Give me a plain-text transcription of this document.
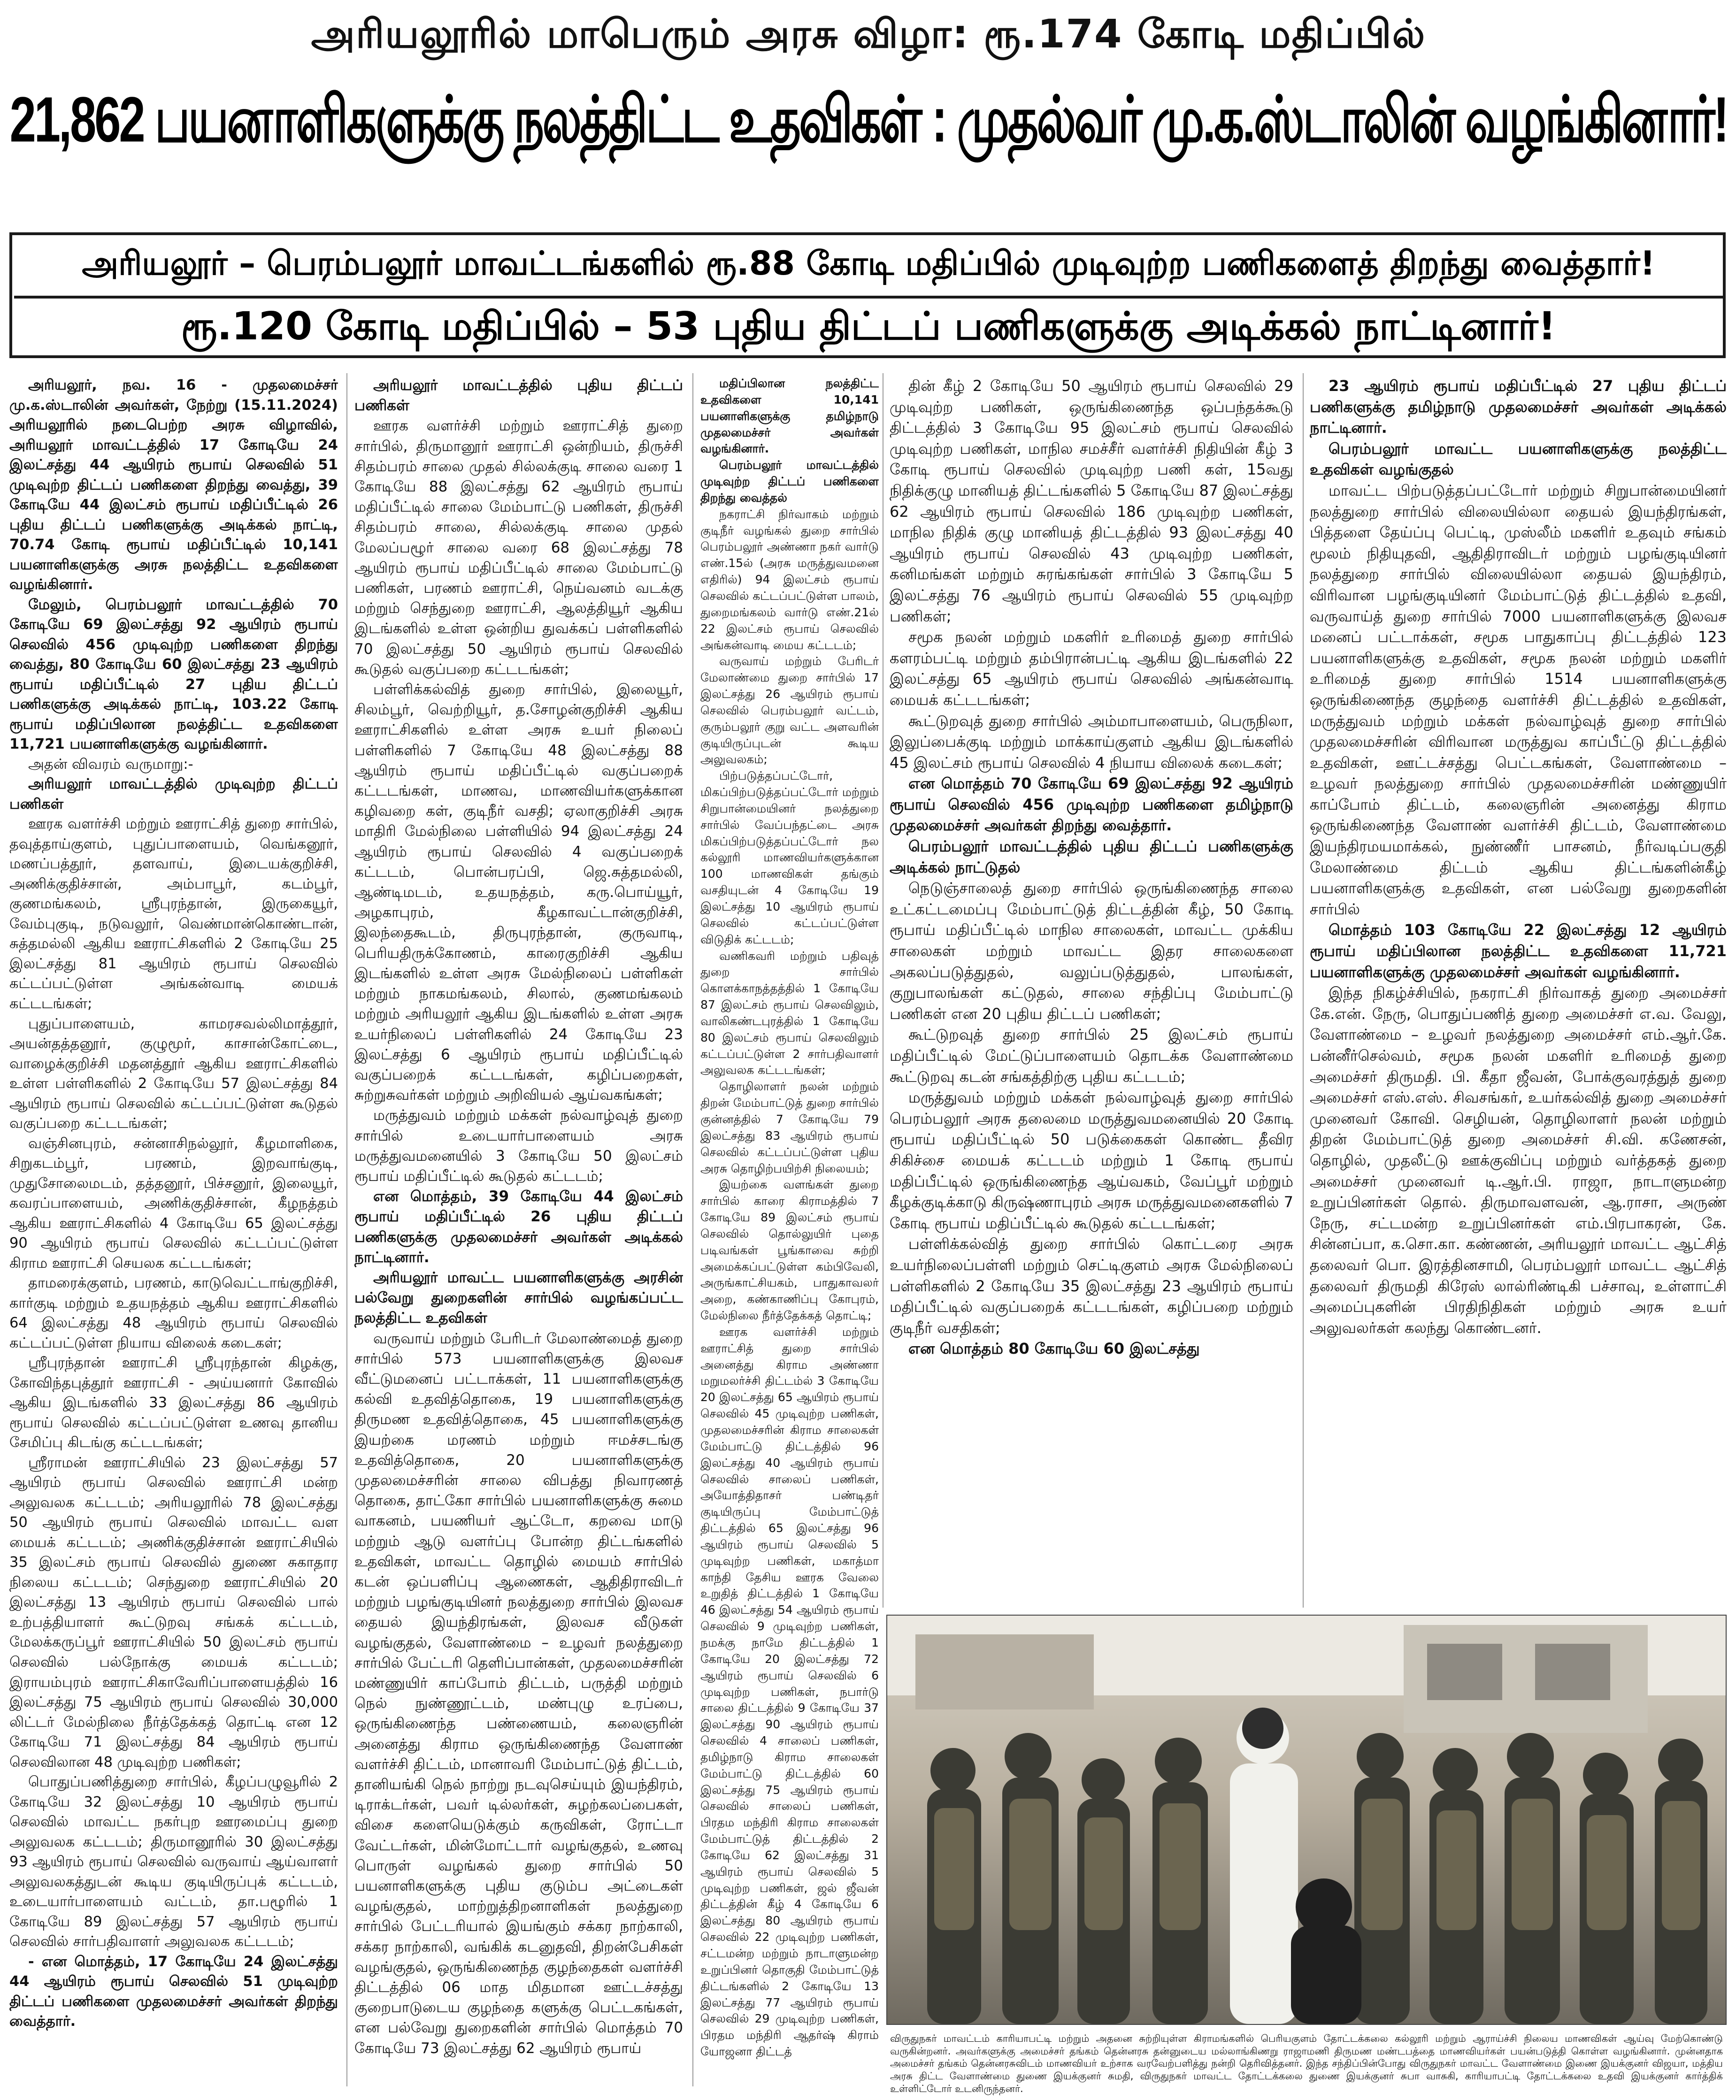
அரியலூரில் மாபெரும் அரசு விழா: ரூ.174 கோடி மதிப்பில்
21,862 பயனாளிகளுக்கு நலத்திட்ட உதவிகள் : முதல்வர் மு.க.ஸ்டாலின் வழங்கினார்!
அரியலூர் – பெரம்பலூர் மாவட்டங்களில் ரூ.88 கோடி மதிப்பில் முடிவுற்ற பணிகளைத் திறந்து வைத்தார்!
ரூ.120 கோடி மதிப்பில் – 53 புதிய திட்டப் பணிகளுக்கு அடிக்கல் நாட்டினார்!

அரியலூர், நவ. 16 - முதலமைச்சர் மு.க.ஸ்டாலின் அவர்கள், நேற்று (15.11.2024) அரியலூரில் நடைபெற்ற அரசு விழாவில், அரியலூர் மாவட்டத்தில் 17 கோடியே 24 இலட்சத்து 44 ஆயிரம் ரூபாய் செலவில் 51 முடிவுற்ற திட்டப் பணிகளை திறந்து வைத்து, 39 கோடியே 44 இலட்சம் ரூபாய் மதிப்பீட்டில் 26 புதிய திட்டப் பணிகளுக்கு அடிக்கல் நாட்டி, 70.74 கோடி ரூபாய் மதிப்பீட்டில் 10,141 பயனாளிகளுக்கு அரசு நலத்திட்ட உதவிகளை வழங்கினார்.

மேலும், பெரம்பலூர் மாவட்டத்தில் 70 கோடியே 69 இலட்சத்து 92 ஆயிரம் ரூபாய் செலவில் 456 முடிவுற்ற பணிகளை திறந்து வைத்து, 80 கோடியே 60 இலட்சத்து 23 ஆயிரம் ரூபாய் மதிப்பீட்டில் 27 புதிய திட்டப் பணிகளுக்கு அடிக்கல் நாட்டி, 103.22 கோடி ரூபாய் மதிப்பிலான நலத்திட்ட உதவிகளை 11,721 பயனாளிகளுக்கு வழங்கினார்.

அதன் விவரம் வருமாறு:-

அரியலூர் மாவட்டத்தில் முடிவுற்ற திட்டப் பணிகள்

ஊரக வளர்ச்சி மற்றும் ஊராட்சித் துறை சார்பில், தவுத்தாய்குளம், புதுப்பாளையம், வெங்கனூர், மணப்பத்தூர், தளவாய், இடையக்குறிச்சி, அணிக்குதிச்சான், அம்பாபூர், கடம்பூர், குணமங்கலம், ஸ்ரீபுரந்தான், இருகையூர், வேம்புகுடி, நடுவலூர், வெண்மான்கொண்டான், சுத்தமல்லி ஆகிய ஊராட்சிகளில் 2 கோடியே 25 இலட்சத்து 81 ஆயிரம் ரூபாய் செலவில் கட்டப்பட்டுள்ள அங்கன்வாடி மையக் கட்டடங்கள்;

புதுப்பாளையம், காமரசவல்லிமாத்தூர், அயன்தத்தனூர், குழுமூர், காசான்கோட்டை, வாழைக்குறிச்சி மதனத்தூர் ஆகிய ஊராட்சிகளில் உள்ள பள்ளிகளில் 2 கோடியே 57 இலட்சத்து 84 ஆயிரம் ரூபாய் செலவில் கட்டப்பட்டுள்ள கூடுதல் வகுப்பறை கட்டடங்கள்;

வஞ்சினபுரம், சன்னாசிநல்லூர், கீழமாளிகை, சிறுகடம்பூர், பரணம், இறவாங்குடி, முதுசோலைமடம், தத்தனூர், பிச்சனூர், இலையூர், கவரப்பாளையம், அணிக்குதிச்சான், கீழநத்தம் ஆகிய ஊராட்சிகளில் 4 கோடியே 65 இலட்சத்து 90 ஆயிரம் ரூபாய் செலவில் கட்டப்பட்டுள்ள கிராம ஊராட்சி செயலக கட்டடங்கள்;

தாமரைக்குளம், பரணம், காடுவெட்டாங்குறிச்சி, கார்குடி மற்றும் உதயநத்தம் ஆகிய ஊராட்சிகளில் 64 இலட்சத்து 48 ஆயிரம் ரூபாய் செலவில் கட்டப்பட்டுள்ள நியாய விலைக் கடைகள்;

ஸ்ரீபுரந்தான் ஊராட்சி ஸ்ரீபுரந்தான் கிழக்கு, கோவிந்தபுத்தூர் ஊராட்சி - அய்யனார் கோவில் ஆகிய இடங்களில் 33 இலட்சத்து 86 ஆயிரம் ரூபாய் செலவில் கட்டப்பட்டுள்ள உணவு தானிய சேமிப்பு கிடங்கு கட்டடங்கள்;

ஸ்ரீராமன் ஊராட்சியில் 23 இலட்சத்து 57 ஆயிரம் ரூபாய் செலவில் ஊராட்சி மன்ற அலுவலக கட்டடம்; அரியலூரில் 78 இலட்சத்து 50 ஆயிரம் ரூபாய் செலவில் மாவட்ட வள மையக் கட்டடம்; அணிக்குதிச்சான் ஊராட்சியில் 35 இலட்சம் ரூபாய் செலவில் துணை சுகாதார நிலைய கட்டடம்; செந்துறை ஊராட்சியில் 20 இலட்சத்து 13 ஆயிரம் ரூபாய் செலவில் பால் உற்பத்தியாளர் கூட்டுறவு சங்கக் கட்டடம், மேலக்கருப்பூர் ஊராட்சியில் 50 இலட்சம் ரூபாய் செலவில் பல்நோக்கு மையக் கட்டடம்; இராயம்புரம் ஊராட்சிகாவேரிப்பாளையத்தில் 16 இலட்சத்து 75 ஆயிரம் ரூபாய் செலவில் 30,000 லிட்டர் மேல்நிலை நீர்த்தேக்கத் தொட்டி என 12 கோடியே 71 இலட்சத்து 84 ஆயிரம் ரூபாய் செலவிலான 48 முடிவுற்ற பணிகள்;

பொதுப்பணித்துறை சார்பில், கீழப்பழுவூரில் 2 கோடியே 32 இலட்சத்து 10 ஆயிரம் ரூபாய் செலவில் மாவட்ட நகர்புற ஊரமைப்பு துறை அலுவலக கட்டடம்; திருமானூரில் 30 இலட்சத்து 93 ஆயிரம் ரூபாய் செலவில் வருவாய் ஆய்வாளர் அலுவலகத்துடன் கூடிய குடியிருப்புக் கட்டடம், உடையார்பாளையம் வட்டம், தா.பழூரில் 1 கோடியே 89 இலட்சத்து 57 ஆயிரம் ரூபாய் செலவில் சார்பதிவாளர் அலுவலக கட்டடம்;

- என மொத்தம், 17 கோடியே 24 இலட்சத்து 44 ஆயிரம் ரூபாய் செலவில் 51 முடிவுற்ற திட்டப் பணிகளை முதலமைச்சர் அவர்கள் திறந்து வைத்தார்.

அரியலூர் மாவட்டத்தில் புதிய திட்டப் பணிகள்

ஊரக வளர்ச்சி மற்றும் ஊராட்சித் துறை சார்பில், திருமானூர் ஊராட்சி ஒன்றியம், திருச்சி சிதம்பரம் சாலை முதல் சில்லக்குடி சாலை வரை 1 கோடியே 88 இலட்சத்து 62 ஆயிரம் ரூபாய் மதிப்பீட்டில் சாலை மேம்பாட்டு பணிகள், திருச்சி சிதம்பரம் சாலை, சில்லக்குடி சாலை முதல் மேலப்பழூர் சாலை வரை 68 இலட்சத்து 78 ஆயிரம் ரூபாய் மதிப்பீட்டில் சாலை மேம்பாட்டு பணிகள், பரணம் ஊராட்சி, நெய்வனம் வடக்கு மற்றும் செந்துறை ஊராட்சி, ஆலத்தியூர் ஆகிய இடங்களில் உள்ள ஒன்றிய துவக்கப் பள்ளிகளில் 70 இலட்சத்து 50 ஆயிரம் ரூபாய் செலவில் கூடுதல் வகுப்பறை கட்டடங்கள்;

பள்ளிக்கல்வித் துறை சார்பில், இலையூர், சிலம்பூர், வெற்றியூர், த.சோழன்குறிச்சி ஆகிய ஊராட்சிகளில் உள்ள அரசு உயர் நிலைப் பள்ளிகளில் 7 கோடியே 48 இலட்சத்து 88 ஆயிரம் ரூபாய் மதிப்பீட்டில் வகுப்பறைக் கட்டடங்கள், மாணவ, மாணவியர்களுக்கான கழிவறை கள், குடிநீர் வசதி; ஏலாகுறிச்சி அரசு மாதிரி மேல்நிலை பள்ளியில் 94 இலட்சத்து 24 ஆயிரம் ரூபாய் செலவில் 4 வகுப்பறைக் கட்டடம், பொன்பரப்பி, ஜெ.சுத்தமல்லி, ஆண்டிமடம், உதயநத்தம், கரு.பொய்யூர், அழகாபுரம், கீழகாவட்டான்குறிச்சி, இலந்தைகூடம், திருபுரந்தான், குருவாடி, பெரியதிருக்கோணம், காரைகுறிச்சி ஆகிய இடங்களில் உள்ள அரசு மேல்நிலைப் பள்ளிகள் மற்றும் நாகமங்கலம், சிலால், குணமங்கலம் மற்றும் அரியலூர் ஆகிய இடங்களில் உள்ள அரசு உயர்நிலைப் பள்ளிகளில் 24 கோடியே 23 இலட்சத்து 6 ஆயிரம் ரூபாய் மதிப்பீட்டில் வகுப்பறைக் கட்டடங்கள், கழிப்பறைகள், சுற்றுசுவர்கள் மற்றும் அறிவியல் ஆய்வகங்கள்;

மருத்துவம் மற்றும் மக்கள் நல்வாழ்வுத் துறை சார்பில் உடையார்பாளையம் அரசு மருத்துவமனையில் 3 கோடியே 50 இலட்சம் ரூபாய் மதிப்பீட்டில் கூடுதல் கட்டடம்;

என மொத்தம், 39 கோடியே 44 இலட்சம் ரூபாய் மதிப்பீட்டில் 26 புதிய திட்டப் பணிகளுக்கு முதலமைச்சர் அவர்கள் அடிக்கல் நாட்டினார்.

அரியலூர் மாவட்ட பயனாளிகளுக்கு அரசின் பல்வேறு துறைகளின் சார்பில் வழங்கப்பட்ட நலத்திட்ட உதவிகள்

வருவாய் மற்றும் பேரிடர் மேலாண்மைத் துறை சார்பில் 573 பயனாளிகளுக்கு இலவச வீட்டுமனைப் பட்டாக்கள், 11 பயனாளிகளுக்கு கல்வி உதவித்தொகை, 19 பயனாளிகளுக்கு திருமண உதவித்தொகை, 45 பயனாளிகளுக்கு இயற்கை மரணம் மற்றும் ஈமச்சடங்கு உதவித்தொகை, 20 பயனாளிகளுக்கு முதலமைச்சரின் சாலை விபத்து நிவாரணத் தொகை, தாட்கோ சார்பில் பயனாளிகளுக்கு சுமை வாகனம், பயணியர் ஆட்டோ, கறவை மாடு மற்றும் ஆடு வளர்ப்பு போன்ற திட்டங்களில் உதவிகள், மாவட்ட தொழில் மையம் சார்பில் கடன் ஒப்பளிப்பு ஆணைகள், ஆதிதிராவிடர் மற்றும் பழங்குடியினர் நலத்துறை சார்பில் இலவச தையல் இயந்திரங்கள், இலவச வீடுகள் வழங்குதல், வேளாண்மை – உழவர் நலத்துறை சார்பில் பேட்டரி தெளிப்பான்கள், முதலமைச்சரின் மண்ணுயிர் காப்போம் திட்டம், பருத்தி மற்றும் நெல் நுண்ணூட்டம், மண்புழு உரப்பை, ஒருங்கிணைந்த பண்ணையம், கலைஞரின் அனைத்து கிராம ஒருங்கிணைந்த வேளாண் வளர்ச்சி திட்டம், மானாவரி மேம்பாட்டுத் திட்டம், தானியங்கி நெல் நாற்று நடவுசெய்யும் இயந்திரம், டிராக்டர்கள், பவர் டில்லர்கள், சுழற்கலப்பைகள், விசை களையெடுக்கும் கருவிகள், ரோட்டா வேட்டர்கள், மின்மோட்டார் வழங்குதல், உணவு பொருள் வழங்கல் துறை சார்பில் 50 பயனாளிகளுக்கு புதிய குடும்ப அட்டைகள் வழங்குதல், மாற்றுத்திறனாளிகள் நலத்துறை சார்பில் பேட்டரியால் இயங்கும் சக்கர நாற்காலி, சக்கர நாற்காலி, வங்கிக் கடனுதவி, திறன்பேசிகள் வழங்குதல், ஒருங்கிணைந்த குழந்தைகள் வளர்ச்சி திட்டத்தில் 06 மாத மிதமான ஊட்டச்சத்து குறைபாடுடைய குழந்தை களுக்கு பெட்டகங்கள், என பல்வேறு துறைகளின் சார்பில் மொத்தம் 70 கோடியே 73 இலட்சத்து 62 ஆயிரம் ரூபாய்

மதிப்பிலான நலத்திட்ட உதவிகளை 10,141 பயனாளிகளுக்கு தமிழ்நாடு முதலமைச்சர் அவர்கள் வழங்கினார்.

பெரம்பலூர் மாவட்டத்தில் முடிவுற்ற திட்டப் பணிகளை திறந்து வைத்தல்

நகராட்சி நிர்வாகம் மற்றும் குடிநீர் வழங்கல் துறை சார்பில் பெரம்பலூர் அண்ணா நகர் வார்டு எண்.15ல் (அரசு மருத்துவமனை எதிரில்) 94 இலட்சம் ரூபாய் செலவில் கட்டப்பட்டுள்ள பாலம், துறைமங்கலம் வார்டு எண்.21ல் 22 இலட்சம் ரூபாய் செலவில் அங்கன்வாடி மைய கட்டடம்;

வருவாய் மற்றும் பேரிடர் மேலாண்மை துறை சார்பில் 17 இலட்சத்து 26 ஆயிரம் ரூபாய் செலவில் பெரம்பலூர் வட்டம், குரும்பலூர் குறு வட்ட அளவரின் குடியிருப்புடன் கூடிய அலுவலகம்;

பிற்படுத்தப்பட்டோர், மிகப்பிற்படுத்தப்பட்டோர் மற்றும் சிறுபான்மையினர் நலத்துறை சார்பில் வேப்பந்தட்டை அரசு மிகப்பிற்படுத்தப்பட்டோர் நல கல்லூரி மாணவியர்களுக்கான 100 மாணவிகள் தங்கும் வசதியுடன் 4 கோடியே 19 இலட்சத்து 10 ஆயிரம் ரூபாய் செலவில் கட்டப்பட்டுள்ள விடுதிக் கட்டடம்;

வணிகவரி மற்றும் பதிவுத் துறை சார்பில் கொளக்காநத்தத்தில் 1 கோடியே 87 இலட்சம் ரூபாய் செலவிலும், வாலிகண்டபுரத்தில் 1 கோடியே 80 இலட்சம் ரூபாய் செலவிலும் கட்டப்பட்டுள்ள 2 சார்பதிவாளர் அலுவலக கட்டடங்கள்;

தொழிலாளர் நலன் மற்றும் திறன் மேம்பாட்டுத் துறை சார்பில் குன்னத்தில் 7 கோடியே 79 இலட்சத்து 83 ஆயிரம் ரூபாய் செலவில் கட்டப்பட்டுள்ள புதிய அரசு தொழிற்பயிற்சி நிலையம்;

இயற்கை வளங்கள் துறை சார்பில் காரை கிராமத்தில் 7 கோடியே 89 இலட்சம் ரூபாய் செலவில் தொல்லுயிர் புதை படிவங்கள் பூங்காவை சுற்றி அமைக்கப்பட்டுள்ள கம்பிவேலி, அருங்காட்சியகம், பாதுகாவலர் அறை, கண்காணிப்பு கோபுரம், மேல்நிலை நீர்த்தேக்கத் தொட்டி;

ஊரக வளர்ச்சி மற்றும் ஊராட்சித் துறை சார்பில் அனைத்து கிராம அண்ணா மறுமலர்ச்சி திட்டம்ல் 3 கோடியே 20 இலட்சத்து 65 ஆயிரம் ரூபாய் செலவில் 45 முடிவுற்ற பணிகள், முதலமைச்சரின் கிராம சாலைகள் மேம்பாட்டு திட்டத்தில் 96 இலட்சத்து 40 ஆயிரம் ரூபாய் செலவில் சாலைப் பணிகள், அயோத்திதாசர் பண்டிதர் குடியிருப்பு மேம்பாட்டுத் திட்டத்தில் 65 இலட்சத்து 96 ஆயிரம் ரூபாய் செலவில் 5 முடிவுற்ற பணிகள், மகாத்மா காந்தி தேசிய ஊரக வேலை உறுதித் திட்டத்தில் 1 கோடியே 46 இலட்சத்து 54 ஆயிரம் ரூபாய் செலவில் 9 முடிவுற்ற பணிகள், நமக்கு நாமே திட்டத்தில் 1 கோடியே 20 இலட்சத்து 72 ஆயிரம் ரூபாய் செலவில் 6 முடிவுற்ற பணிகள், நபார்டு சாலை திட்டத்தில் 9 கோடியே 37 இலட்சத்து 90 ஆயிரம் ரூபாய் செலவில் 4 சாலைப் பணிகள், தமிழ்நாடு கிராம சாலைகள் மேம்பாட்டு திட்டத்தில் 60 இலட்சத்து 75 ஆயிரம் ரூபாய் செலவில் சாலைப் பணிகள், பிரதம மந்திரி கிராம சாலைகள் மேம்பாட்டுத் திட்டத்தில் 2 கோடியே 62 இலட்சத்து 31 ஆயிரம் ரூபாய் செலவில் 5 முடிவுற்ற பணிகள், ஜல் ஜீவன் திட்டத்தின் கீழ் 4 கோடியே 6 இலட்சத்து 80 ஆயிரம் ரூபாய் செலவில் 22 முடிவுற்ற பணிகள், சட்டமன்ற மற்றும் நாடாளுமன்ற உறுப்பினர் தொகுதி மேம்பாட்டுத் திட்டங்களில் 2 கோடியே 13 இலட்சத்து 77 ஆயிரம் ரூபாய் செலவில் 29 முடிவுற்ற பணிகள், பிரதம மந்திரி ஆதர்ஷ் கிராம் யோஜனா திட்டத்

தின் கீழ் 2 கோடியே 50 ஆயிரம் ரூபாய் செலவில் 29 முடிவுற்ற பணிகள், ஒருங்கிணைந்த ஒப்பந்தக்கூடு திட்டத்தில் 3 கோடியே 95 இலட்சம் ரூபாய் செலவில் முடிவுற்ற பணிகள், மாநில சமச்சீர் வளர்ச்சி நிதியின் கீழ் 3 கோடி ரூபாய் செலவில் முடிவுற்ற பணி கள், 15வது நிதிக்குழு மானியத் திட்டங்களில் 5 கோடியே 87 இலட்சத்து 62 ஆயிரம் ரூபாய் செலவில் 186 முடிவுற்ற பணிகள், மாநில நிதிக் குழு மானியத் திட்டத்தில் 93 இலட்சத்து 40 ஆயிரம் ரூபாய் செலவில் 43 முடிவுற்ற பணிகள், கனிமங்கள் மற்றும் சுரங்கங்கள் சார்பில் 3 கோடியே 5 இலட்சத்து 76 ஆயிரம் ரூபாய் செலவில் 55 முடிவுற்ற பணிகள்;

சமூக நலன் மற்றும் மகளிர் உரிமைத் துறை சார்பில் களரம்பட்டி மற்றும் தம்பிரான்பட்டி ஆகிய இடங்களில் 22 இலட்சத்து 65 ஆயிரம் ரூபாய் செலவில் அங்கன்வாடி மையக் கட்டடங்கள்;

கூட்டுறவுத் துறை சார்பில் அம்மாபாளையம், பெருநிலா, இலுப்பைக்குடி மற்றும் மாக்காய்குளம் ஆகிய இடங்களில் 45 இலட்சம் ரூபாய் செலவில் 4 நியாய விலைக் கடைகள்;

என மொத்தம் 70 கோடியே 69 இலட்சத்து 92 ஆயிரம் ரூபாய் செலவில் 456 முடிவுற்ற பணிகளை தமிழ்நாடு முதலமைச்சர் அவர்கள் திறந்து வைத்தார்.

பெரம்பலூர் மாவட்டத்தில் புதிய திட்டப் பணிகளுக்கு அடிக்கல் நாட்டுதல்

நெடுஞ்சாலைத் துறை சார்பில் ஒருங்கிணைந்த சாலை உட்கட்டமைப்பு மேம்பாட்டுத் திட்டத்தின் கீழ், 50 கோடி ரூபாய் மதிப்பீட்டில் மாநில சாலைகள், மாவட்ட முக்கிய சாலைகள் மற்றும் மாவட்ட இதர சாலைகளை அகலப்படுத்துதல், வலுப்படுத்துதல், பாலங்கள், குறுபாலங்கள் கட்டுதல், சாலை சந்திப்பு மேம்பாட்டு பணிகள் என 20 புதிய திட்டப் பணிகள்;

கூட்டுறவுத் துறை சார்பில் 25 இலட்சம் ரூபாய் மதிப்பீட்டில் மேட்டுப்பாளையம் தொடக்க வேளாண்மை கூட்டுறவு கடன் சங்கத்திற்கு புதிய கட்டடம்;

மருத்துவம் மற்றும் மக்கள் நல்வாழ்வுத் துறை சார்பில் பெரம்பலூர் அரசு தலைமை மருத்துவமனையில் 20 கோடி ரூபாய் மதிப்பீட்டில் 50 படுக்கைகள் கொண்ட தீவிர சிகிச்சை மையக் கட்டடம் மற்றும் 1 கோடி ரூபாய் மதிப்பீட்டில் ஒருங்கிணைந்த ஆய்வகம், வேப்பூர் மற்றும் கீழக்குடிக்காடு கிருஷ்ணாபுரம் அரசு மருத்துவமனைகளில் 7 கோடி ரூபாய் மதிப்பீட்டில் கூடுதல் கட்டடங்கள்;

பள்ளிக்கல்வித் துறை சார்பில் கொட்டரை அரசு உயர்நிலைப்பள்ளி மற்றும் செட்டிகுளம் அரசு மேல்நிலைப் பள்ளிகளில் 2 கோடியே 35 இலட்சத்து 23 ஆயிரம் ரூபாய் மதிப்பீட்டில் வகுப்பறைக் கட்டடங்கள், கழிப்பறை மற்றும் குடிநீர் வசதிகள்;

என மொத்தம் 80 கோடியே 60 இலட்சத்து

23 ஆயிரம் ரூபாய் மதிப்பீட்டில் 27 புதிய திட்டப் பணிகளுக்கு தமிழ்நாடு முதலமைச்சர் அவர்கள் அடிக்கல் நாட்டினார்.

பெரம்பலூர் மாவட்ட பயனாளிகளுக்கு நலத்திட்ட உதவிகள் வழங்குதல்

மாவட்ட பிற்படுத்தப்பட்டோர் மற்றும் சிறுபான்மையினர் நலத்துறை சார்பில் விலையில்லா தையல் இயந்திரங்கள், பித்தளை தேய்ப்பு பெட்டி, முஸ்லீம் மகளிர் உதவும் சங்கம் மூலம் நிதியுதவி, ஆதிதிராவிடர் மற்றும் பழங்குடியினர் நலத்துறை சார்பில் விலையில்லா தையல் இயந்திரம், விரிவான பழங்குடியினர் மேம்பாட்டுத் திட்டத்தில் உதவி, வருவாய்த் துறை சார்பில் 7000 பயனாளிகளுக்கு இலவச மனைப் பட்டாக்கள், சமூக பாதுகாப்பு திட்டத்தில் 123 பயனாளிகளுக்கு உதவிகள், சமூக நலன் மற்றும் மகளிர் உரிமைத் துறை சார்பில் 1514 பயனாளிகளுக்கு ஒருங்கிணைந்த குழந்தை வளர்ச்சி திட்டத்தில் உதவிகள், மருத்துவம் மற்றும் மக்கள் நல்வாழ்வுத் துறை சார்பில் முதலமைச்சரின் விரிவான மருத்துவ காப்பீட்டு திட்டத்தில் உதவிகள், ஊட்டச்சத்து பெட்டகங்கள், வேளாண்மை – உழவர் நலத்துறை சார்பில் முதலமைச்சரின் மண்ணுயிர் காப்போம் திட்டம், கலைஞரின் அனைத்து கிராம ஒருங்கிணைந்த வேளாண் வளர்ச்சி திட்டம், வேளாண்மை இயந்திரமயமாக்கல், நுண்ணீர் பாசனம், நீர்வடிப்பகுதி மேலாண்மை திட்டம் ஆகிய திட்டங்களின்கீழ் பயனாளிகளுக்கு உதவிகள், என பல்வேறு துறைகளின் சார்பில்

மொத்தம் 103 கோடியே 22 இலட்சத்து 12 ஆயிரம் ரூபாய் மதிப்பிலான நலத்திட்ட உதவிகளை 11,721 பயனாளிகளுக்கு முதலமைச்சர் அவர்கள் வழங்கினார்.

இந்த நிகழ்ச்சியில், நகராட்சி நிர்வாகத் துறை அமைச்சர் கே.என். நேரு, பொதுப்பணித் துறை அமைச்சர் எ.வ. வேலு, வேளாண்மை – உழவர் நலத்துறை அமைச்சர் எம்.ஆர்.கே. பன்னீர்செல்வம், சமூக நலன் மகளிர் உரிமைத் துறை அமைச்சர் திருமதி. பி. கீதா ஜீவன், போக்குவரத்துத் துறை அமைச்சர் எஸ்.எஸ். சிவசங்கர், உயர்கல்வித் துறை அமைச்சர் முனைவர் கோவி. செழியன், தொழிலாளர் நலன் மற்றும் திறன் மேம்பாட்டுத் துறை அமைச்சர் சி.வி. கணேசன், தொழில், முதலீட்டு ஊக்குவிப்பு மற்றும் வர்த்தகத் துறை அமைச்சர் முனைவர் டி.ஆர்.பி. ராஜா, நாடாளுமன்ற உறுப்பினர்கள் தொல். திருமாவளவன், ஆ.ராசா, அருண் நேரு, சட்டமன்ற உறுப்பினர்கள் எம்.பிரபாகரன், கே. சின்னப்பா, க.சொ.கா. கண்ணன், அரியலூர் மாவட்ட ஆட்சித் தலைவர் பொ. இரத்தினசாமி, பெரம்பலூர் மாவட்ட ஆட்சித் தலைவர் திருமதி கிரேஸ் லால்ரிண்டிகி பச்சாவு, உள்ளாட்சி அமைப்புகளின் பிரதிநிதிகள் மற்றும் அரசு உயர் அலுவலர்கள் கலந்து கொண்டனர்.

விருதுநகர் மாவட்டம் காரியாபட்டி மற்றும் அதனை சுற்றியுள்ள கிராமங்களில் பெரியகுளம் தோட்டக்கலை கல்லூரி மற்றும் ஆராய்ச்சி நிலைய மாணவிகள் ஆய்வு மேற்கொண்டு வருகின்றனர். அவர்களுக்கு அமைச்சர் தங்கம் தென்னரசு தன்னுடைய மல்லாங்கிணறு ராஜாமணி திருமண மண்டபத்தை மாணவியர்கள் பயன்படுத்தி கொள்ள வழங்கினார். முன்னதாக அமைச்சர் தங்கம் தென்னரசுவிடம் மாணவியர் உற்சாக வரவேற்பளித்து நன்றி தெரிவித்தனர். இந்த சந்திப்பின்போது விருதுநகர் மாவட்ட வேளாண்மை இணை இயக்குனர் விஜயா, மத்திய அரசு திட்ட வேளாண்மை துணை இயக்குனர் சுமதி, விருதுநகர் மாவட்ட தோட்டக்கலை துணை இயக்குனர் சுபா வாசுகி, காரியாபட்டி தோட்டக்கலை உதவி இயக்குனர் கார்த்திக் உள்ளிட்டோர் உடனிருந்தனர்.
